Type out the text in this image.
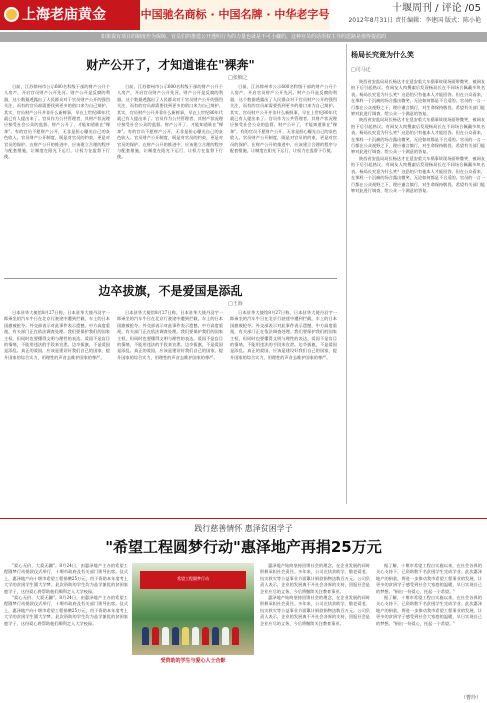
上海老庙黄金	中国驰名商标 · 中国名牌 · 中华老字号	十堰周刊 / 评论 /05
2012年8月31日 责任编辑：李建国 版式：陈小艳
如果说有项目的制度作为保障，官员们的推选公开透明行为的力量也就是不可小觑的，这种官员的话语权主导的思路是值得提倡的
财产公开了，才知道谁在"裸奔"
□张楠之

日前，江苏徐州市公示600名科级干部的财产公开个人房产，开启官员财产公开先河。财产公开是反腐的利器，这个数据透露出了人民群众对于官员财产公开的强烈关注，而有的官员却需要找到更多的借口来为自己辩护。其实，官员财产公开并非什么新鲜事，早在上世纪80年代就已有人提出来了。官员作为公共管理者，其财产状况理应接受社会公众的监督。财产公开了，才能知道谁在"裸奔"。有的官员不愿财产公开，无非是担心曝光自己的灰色收入。官员财产公开制度，既是对官员的约束，更是对官员的保护。在财产公开的推进中，应该建立合理的程序与配套措施，让制度在阳光下运行，让权力在监督下行使。

日前，江苏徐州市公示600名科级干部的财产公开个人房产，开启官员财产公开先河。财产公开是反腐的利器，这个数据透露出了人民群众对于官员财产公开的强烈关注，而有的官员却需要找到更多的借口来为自己辩护。其实，官员财产公开并非什么新鲜事，早在上世纪80年代就已有人提出来了。官员作为公共管理者，其财产状况理应接受社会公众的监督。财产公开了，才能知道谁在"裸奔"。有的官员不愿财产公开，无非是担心曝光自己的灰色收入。官员财产公开制度，既是对官员的约束，更是对官员的保护。在财产公开的推进中，应该建立合理的程序与配套措施，让制度在阳光下运行，让权力在监督下行使。

日前，江苏徐州市公示600名科级干部的财产公开个人房产，开启官员财产公开先河。财产公开是反腐的利器，这个数据透露出了人民群众对于官员财产公开的强烈关注，而有的官员却需要找到更多的借口来为自己辩护。其实，官员财产公开并非什么新鲜事，早在上世纪80年代就已有人提出来了。官员作为公共管理者，其财产状况理应接受社会公众的监督。财产公开了，才能知道谁在"裸奔"。有的官员不愿财产公开，无非是担心曝光自己的灰色收入。官员财产公开制度，既是对官员的约束，更是对官员的保护。在财产公开的推进中，应该建立合理的程序与配套措施，让制度在阳光下运行，让权力在监督下行使。

边卒拔旗，不是爱国是添乱
□王海

日本驻华大使馆8月27日称，日本驻华大使丹羽宇一郎乘坐的汽车牛日在北京行驶途中遭到拦截，车上的日本国旗被抢夺。外交部表示对此事件表示遗憾，中方高度重视，有关部门正在依法调查处理。我们要保护我们的国家主权，但同时也要懂得文明与理性的表达。爱国不是盲目的情绪，不能用违法的手段来宣泄。边卒拔旗，不是爱国是添乱。真正的爱国，应该是建设好我们自己的国家，提升国家的综合实力，用理性的声音去维护国家的尊严。

日本驻华大使馆8月27日称，日本驻华大使丹羽宇一郎乘坐的汽车牛日在北京行驶途中遭到拦截，车上的日本国旗被抢夺。外交部表示对此事件表示遗憾，中方高度重视，有关部门正在依法调查处理。我们要保护我们的国家主权，但同时也要懂得文明与理性的表达。爱国不是盲目的情绪，不能用违法的手段来宣泄。边卒拔旗，不是爱国是添乱。真正的爱国，应该是建设好我们自己的国家，提升国家的综合实力，用理性的声音去维护国家的尊严。

日本驻华大使馆8月27日称，日本驻华大使丹羽宇一郎乘坐的汽车牛日在北京行驶途中遭到拦截，车上的日本国旗被抢夺。外交部表示对此事件表示遗憾，中方高度重视，有关部门正在依法调查处理。我们要保护我们的国家主权，但同时也要懂得文明与理性的表达。爱国不是盲目的情绪，不能用违法的手段来宣泄。边卒拔旗，不是爱国是添乱。真正的爱国，应该是建设好我们自己的国家，提升国家的综合实力，用理性的声音去维护国家的尊严。

杨局长究竟为什么笑
□司马迁

陕西省安监局局长杨达才在延安重大车祸事故现场面带微笑，被网友拍下后引起热议。有网友人肉搜索后发现杨局长在不同场合佩戴多块名表。杨局长究竟为什么笑？这恐怕只有他本人才能回答。但在公众看来，在那样一个沉痛的场合露出微笑，无论如何都是不合适的。官员的一言一行都在公众视野之下，理应谨言慎行，对生命保持敬畏。希望有关部门能够对此进行调查，给公众一个满意的答复。

陕西省安监局局长杨达才在延安重大车祸事故现场面带微笑，被网友拍下后引起热议。有网友人肉搜索后发现杨局长在不同场合佩戴多块名表。杨局长究竟为什么笑？这恐怕只有他本人才能回答。但在公众看来，在那样一个沉痛的场合露出微笑，无论如何都是不合适的。官员的一言一行都在公众视野之下，理应谨言慎行，对生命保持敬畏。希望有关部门能够对此进行调查，给公众一个满意的答复。

陕西省安监局局长杨达才在延安重大车祸事故现场面带微笑，被网友拍下后引起热议。有网友人肉搜索后发现杨局长在不同场合佩戴多块名表。杨局长究竟为什么笑？这恐怕只有他本人才能回答。但在公众看来，在那样一个沉痛的场合露出微笑，无论如何都是不合适的。官员的一言一行都在公众视野之下，理应谨言慎行，对生命保持敬畏。希望有关部门能够对此进行调查，给公众一个满意的答复。

践行慈善情怀 惠泽贫困学子
"希望工程圆梦行动"惠泽地产再捐25万元

"爱心无价，大爱无疆"。8月24日，由惠泽地产主办的希望工程圆梦行动捐款仪式举行，十堰市政府及有关部门领导出席。仪式上，惠泽地产向十堰市希望工程捐赠25万元，用于资助本年度考上大学的贫困学生圆大学梦。此次资助的学生均为品学兼优的贫困家庭学子，这份爱心将帮助他们顺利走入大学校园。

"爱心无价，大爱无疆"。8月24日，由惠泽地产主办的希望工程圆梦行动捐款仪式举行，十堰市政府及有关部门领导出席。仪式上，惠泽地产向十堰市希望工程捐赠25万元，用于资助本年度考上大学的贫困学生圆大学梦。此次资助的学生均为品学兼优的贫困家庭学子，这份爱心将帮助他们顺利走入大学校园。

希望工程圆梦行动
受资助的学生与爱心人士合影

惠泽地产始终坚持回馈社会的理念，在企业发展的同时积极承担社会责任。多年来，公司在扶贫助学、敬老爱老、抗灾救灾等公益事业方面累计捐款捐物达数百万元。公司负责人表示，企业的发展离不开社会各界的支持，回报社会是企业应尽的义务，今后将继续关注教育事业。

惠泽地产始终坚持回馈社会的理念，在企业发展的同时积极承担社会责任。多年来，公司在扶贫助学、敬老爱老、抗灾救灾等公益事业方面累计捐款捐物达数百万元。公司负责人表示，企业的发展离不开社会各界的支持，回报社会是企业应尽的义务，今后将继续关注教育事业。

据了解，十堰市希望工程自实施以来，在社会各界的关心支持下，已资助数千名贫困学生完成学业。此次惠泽地产的捐款，将进一步推动我市希望工程事业的发展，让更多的贫困学子感受到社会大家庭的温暖，早日实现自己的梦想。"捐出一份爱心，托起一个希望。"

据了解，十堰市希望工程自实施以来，在社会各界的关心支持下，已资助数千名贫困学生完成学业。此次惠泽地产的捐款，将进一步推动我市希望工程事业的发展，让更多的贫困学子感受到社会大家庭的温暖，早日实现自己的梦想。"捐出一份爱心，托起一个希望。"

（曹玲）
